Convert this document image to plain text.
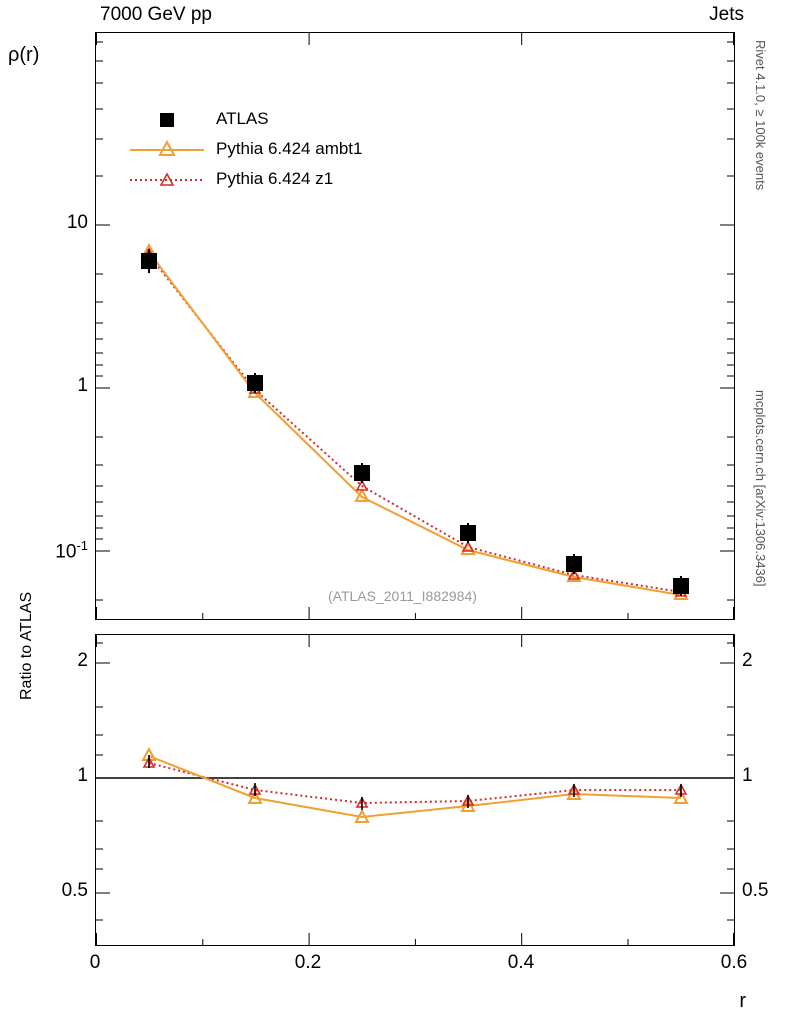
7000 GeV pp	Jets
Rivet 4.1.0, ≥ 100k events
mcplots.cern.ch [arXiv:1306.3436]
ρ(r)
10
1
$10^{-1}$
(ATLAS_2011_I882984)
ATLAS
Pythia 6.424 ambt1
Pythia 6.424 z1
Ratio to ATLAS	2
1
0.5
2
1
0.5
0	0.2	0.4	0.6
r
